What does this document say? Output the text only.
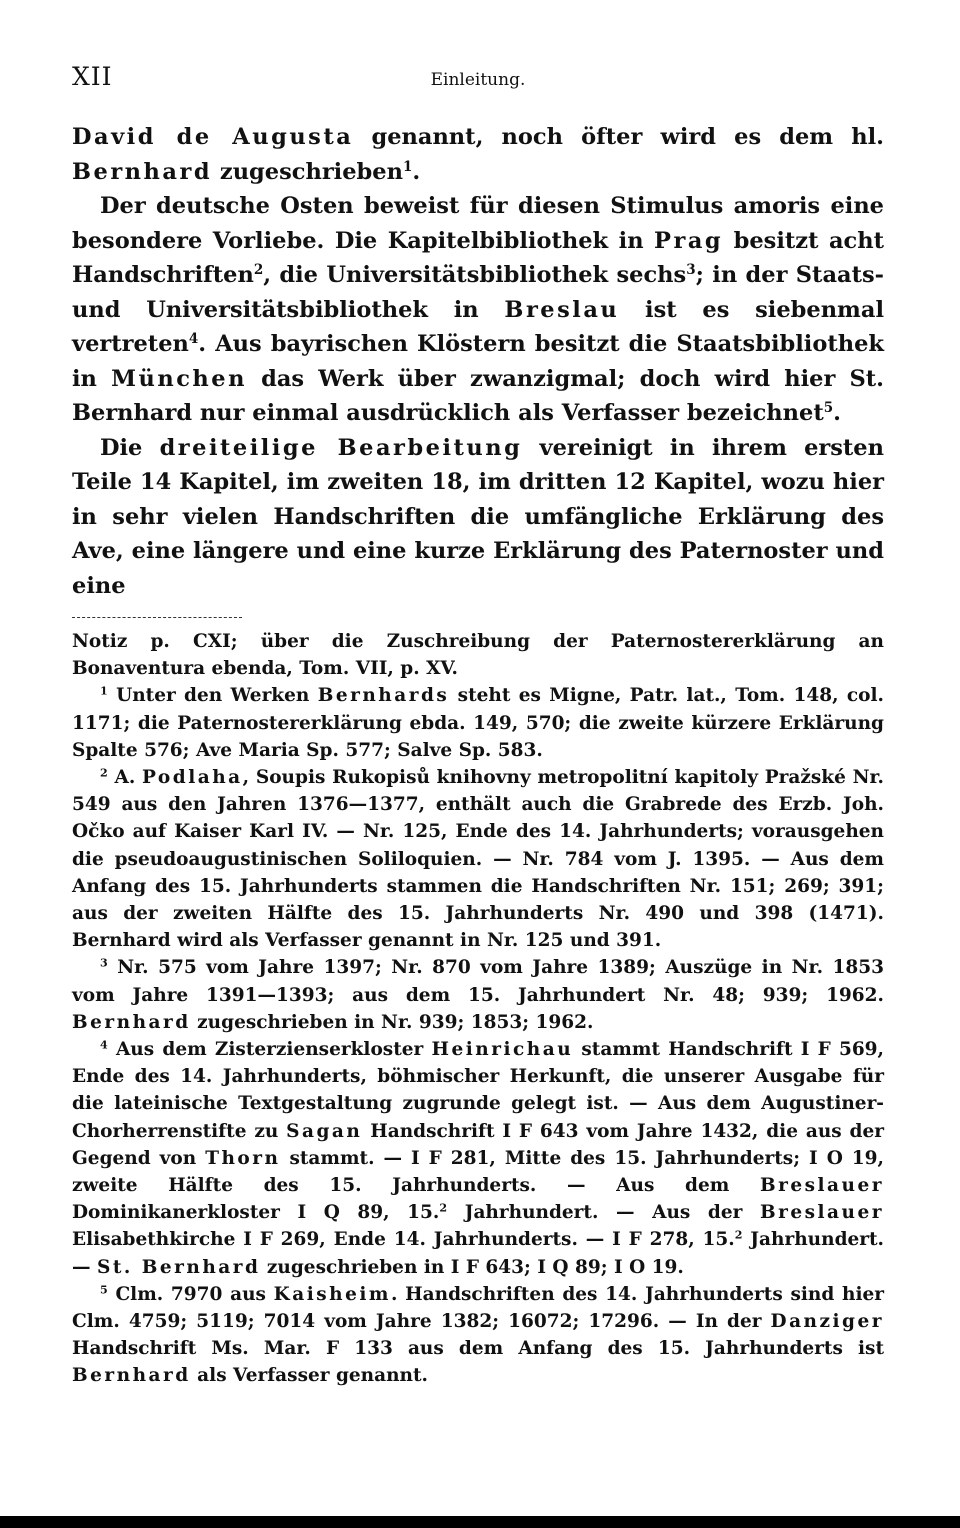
XII	Einleitung.

David de Augusta genannt, noch öfter wird es dem hl. Bernhard zugeschrieben$^1$.

Der deutsche Osten beweist für diesen Stimulus amoris eine besondere Vorliebe. Die Kapitelbibliothek in Prag besitzt acht Handschriften$^2$, die Universitätsbibliothek sechs$^3$; in der Staats- und Universitätsbibliothek in Breslau ist es siebenmal vertreten$^4$. Aus bayrischen Klöstern besitzt die Staatsbibliothek in München das Werk über zwanzigmal; doch wird hier St. Bernhard nur einmal ausdrücklich als Verfasser bezeichnet$^5$.

Die dreiteilige Bearbeitung vereinigt in ihrem ersten Teile 14 Kapitel, im zweiten 18, im dritten 12 Kapitel, wozu hier in sehr vielen Handschriften die umfängliche Erklärung des Ave, eine längere und eine kurze Erklärung des Paternoster und eine

Notiz p. CXI; über die Zuschreibung der Paternostererklärung an Bonaventura ebenda, Tom. VII, p. XV.

$^1$ Unter den Werken Bernhards steht es Migne, Patr. lat., Tom. 148, col. 1171; die Paternostererklärung ebda. 149, 570; die zweite kürzere Erklärung Spalte 576; Ave Maria Sp. 577; Salve Sp. 583.

$^2$ A. Podlaha, Soupis Rukopisů knihovny metropolitní kapitoly Pražské Nr. 549 aus den Jahren 1376—1377, enthält auch die Grabrede des Erzb. Joh. Očko auf Kaiser Karl IV. — Nr. 125, Ende des 14. Jahrhunderts; vorausgehen die pseudoaugustinischen Soliloquien. — Nr. 784 vom J. 1395. — Aus dem Anfang des 15. Jahrhunderts stammen die Handschriften Nr. 151; 269; 391; aus der zweiten Hälfte des 15. Jahrhunderts Nr. 490 und 398 (1471). Bernhard wird als Verfasser genannt in Nr. 125 und 391.

$^3$ Nr. 575 vom Jahre 1397; Nr. 870 vom Jahre 1389; Auszüge in Nr. 1853 vom Jahre 1391—1393; aus dem 15. Jahrhundert Nr. 48; 939; 1962. Bernhard zugeschrieben in Nr. 939; 1853; 1962.

$^4$ Aus dem Zisterzienserkloster Heinrichau stammt Handschrift I F 569, Ende des 14. Jahrhunderts, böhmischer Herkunft, die unserer Ausgabe für die lateinische Textgestaltung zugrunde gelegt ist. — Aus dem Augustiner-Chorherrenstifte zu Sagan Handschrift I F 643 vom Jahre 1432, die aus der Gegend von Thorn stammt. — I F 281, Mitte des 15. Jahrhunderts; I O 19, zweite Hälfte des 15. Jahrhunderts. — Aus dem Breslauer Dominikanerkloster I Q 89, 15.$^2$ Jahrhundert. — Aus der Breslauer Elisabethkirche I F 269, Ende 14. Jahrhunderts. — I F 278, 15.$^2$ Jahrhundert. — St. Bernhard zugeschrieben in I F 643; I Q 89; I O 19.

$^5$ Clm. 7970 aus Kaisheim. Handschriften des 14. Jahrhunderts sind hier Clm. 4759; 5119; 7014 vom Jahre 1382; 16072; 17296. — In der Danziger Handschrift Ms. Mar. F 133 aus dem Anfang des 15. Jahrhunderts ist Bernhard als Verfasser genannt.
